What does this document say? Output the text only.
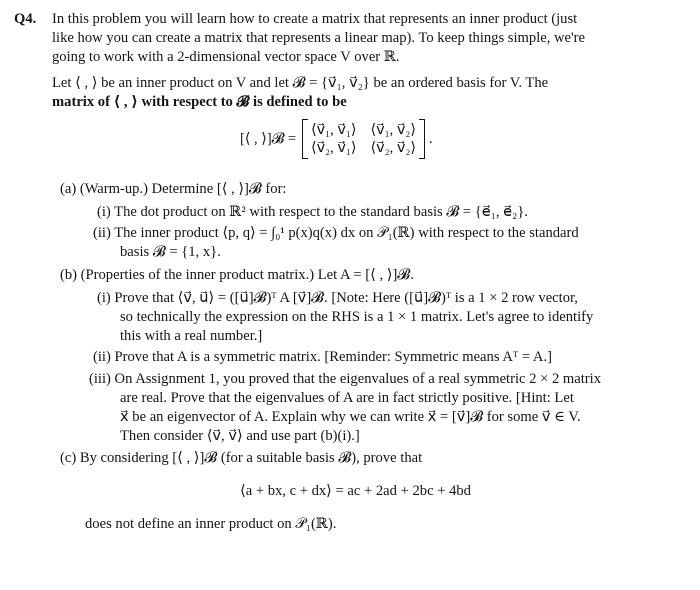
Q4. In this problem you will learn how to create a matrix that represents an inner product (just
like how you can create a matrix that represents a linear map). To keep things simple, we're
going to work with a 2-dimensional vector space V over ℝ.
Let ⟨ , ⟩ be an inner product on V and let 𝓑 = {v⃗₁, v⃗₂} be an ordered basis for V. The
matrix of ⟨ , ⟩ with respect to 𝓑 is defined to be
[⟨ , ⟩]𝓑 =
⟨v⃗₁, v⃗₁⟩ ⟨v⃗₁, v⃗₂⟩
⟨v⃗₂, v⃗₁⟩ ⟨v⃗₂, v⃗₂⟩
.
(a) (Warm-up.) Determine [⟨ , ⟩]𝓑 for:
(i) The dot product on ℝ² with respect to the standard basis 𝓑 = {e⃗₁, e⃗₂}.
(ii) The inner product ⟨p, q⟩ = ∫₀¹ p(x)q(x) dx on 𝒫₁(ℝ) with respect to the standard
basis 𝓑 = {1, x}.
(b) (Properties of the inner product matrix.) Let A = [⟨ , ⟩]𝓑.
(i) Prove that ⟨v⃗, u⃗⟩ = ([u⃗]𝓑)ᵀ A [v⃗]𝓑. [Note: Here ([u⃗]𝓑)ᵀ is a 1 × 2 row vector,
so technically the expression on the RHS is a 1 × 1 matrix. Let's agree to identify
this with a real number.]
(ii) Prove that A is a symmetric matrix. [Reminder: Symmetric means Aᵀ = A.]
(iii) On Assignment 1, you proved that the eigenvalues of a real symmetric 2 × 2 matrix
are real. Prove that the eigenvalues of A are in fact strictly positive. [Hint: Let
x⃗ be an eigenvector of A. Explain why we can write x⃗ = [v⃗]𝓑 for some v⃗ ∈ V.
Then consider ⟨v⃗, v⃗⟩ and use part (b)(i).]
(c) By considering [⟨ , ⟩]𝓑 (for a suitable basis 𝓑), prove that
⟨a + bx, c + dx⟩ = ac + 2ad + 2bc + 4bd
does not define an inner product on 𝒫₁(ℝ).
